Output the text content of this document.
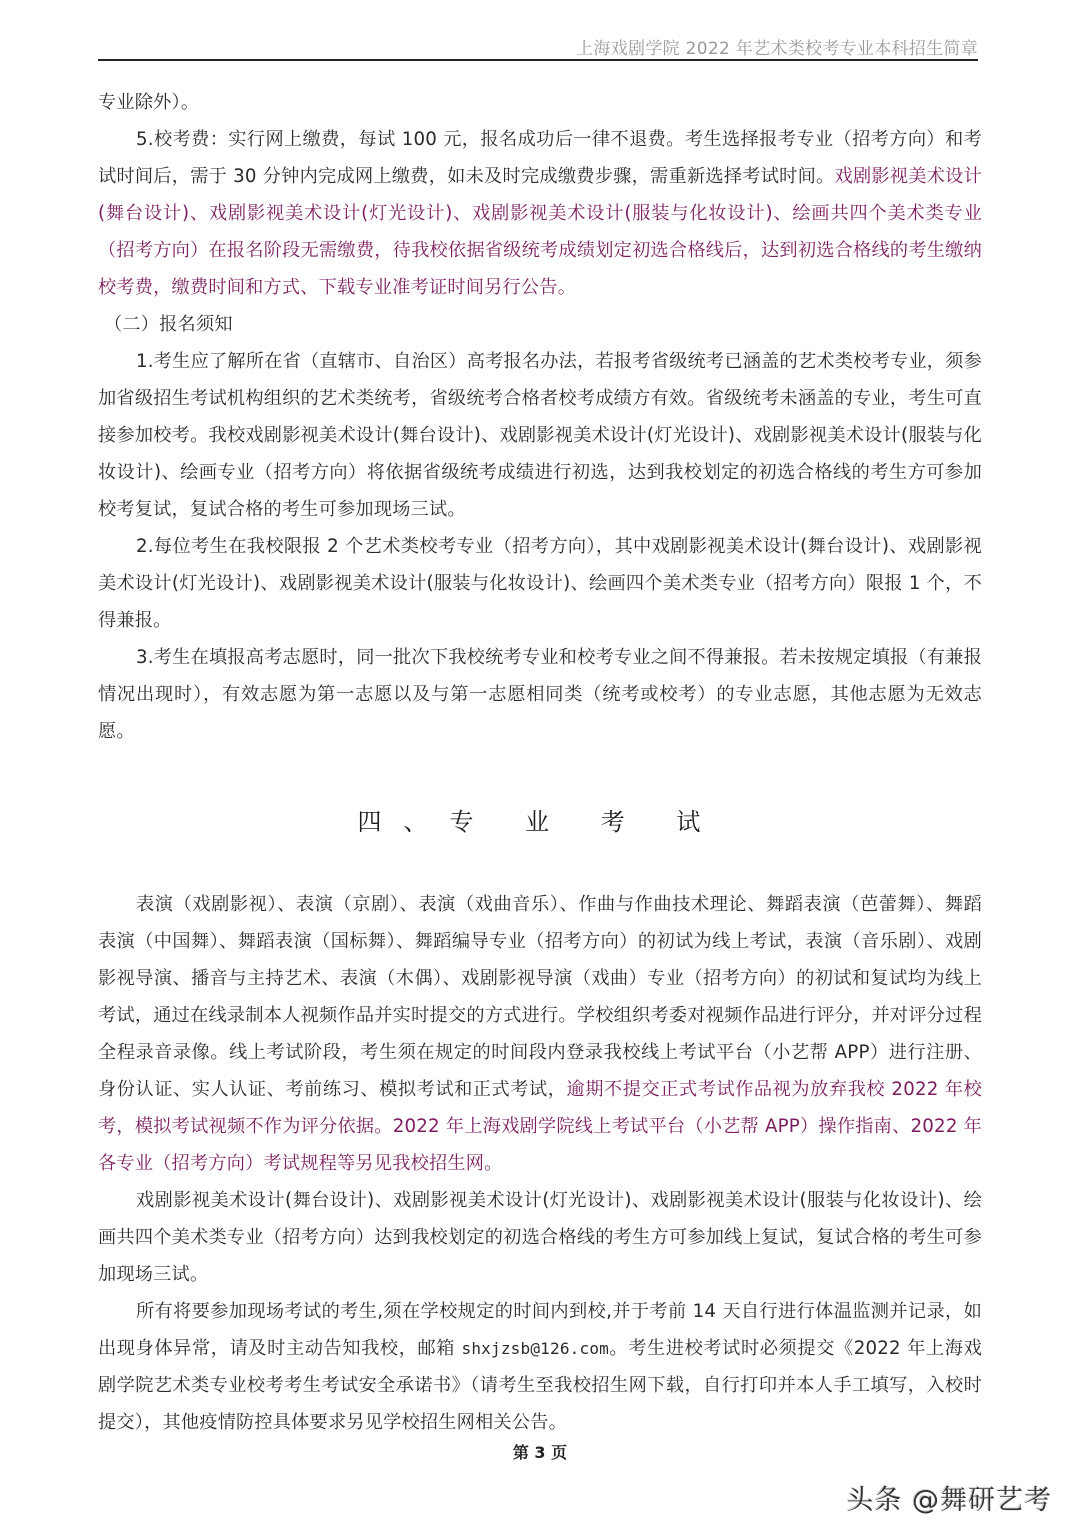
上海戏剧学院 2022 年艺术类校考专业本科招生简章

专业除外）。

5.校考费：实行网上缴费，每试 100 元，报名成功后一律不退费。考生选择报考专业（招考方向）和考试时间后，需于 30 分钟内完成网上缴费，如未及时完成缴费步骤，需重新选择考试时间。戏剧影视美术设计(舞台设计)、戏剧影视美术设计(灯光设计)、戏剧影视美术设计(服装与化妆设计)、绘画共四个美术类专业（招考方向）在报名阶段无需缴费，待我校依据省级统考成绩划定初选合格线后，达到初选合格线的考生缴纳校考费，缴费时间和方式、下载专业准考证时间另行公告。

（二）报名须知

1.考生应了解所在省（直辖市、自治区）高考报名办法，若报考省级统考已涵盖的艺术类校考专业，须参加省级招生考试机构组织的艺术类统考，省级统考合格者校考成绩方有效。省级统考未涵盖的专业，考生可直接参加校考。我校戏剧影视美术设计(舞台设计)、戏剧影视美术设计(灯光设计)、戏剧影视美术设计(服装与化妆设计)、绘画专业（招考方向）将依据省级统考成绩进行初选，达到我校划定的初选合格线的考生方可参加校考复试，复试合格的考生可参加现场三试。

2.每位考生在我校限报 2 个艺术类校考专业（招考方向），其中戏剧影视美术设计(舞台设计)、戏剧影视美术设计(灯光设计)、戏剧影视美术设计(服装与化妆设计)、绘画四个美术类专业（招考方向）限报 1 个，不得兼报。

3.考生在填报高考志愿时，同一批次下我校统考专业和校考专业之间不得兼报。若未按规定填报（有兼报情况出现时），有效志愿为第一志愿以及与第一志愿相同类（统考或校考）的专业志愿，其他志愿为无效志愿。

四、专 业 考 试

表演（戏剧影视）、表演（京剧）、表演（戏曲音乐）、作曲与作曲技术理论、舞蹈表演（芭蕾舞）、舞蹈表演（中国舞）、舞蹈表演（国标舞）、舞蹈编导专业（招考方向）的初试为线上考试，表演（音乐剧）、戏剧影视导演、播音与主持艺术、表演（木偶）、戏剧影视导演（戏曲）专业（招考方向）的初试和复试均为线上考试，通过在线录制本人视频作品并实时提交的方式进行。学校组织考委对视频作品进行评分，并对评分过程全程录音录像。线上考试阶段，考生须在规定的时间段内登录我校线上考试平台（小艺帮 APP）进行注册、身份认证、实人认证、考前练习、模拟考试和正式考试，逾期不提交正式考试作品视为放弃我校 2022 年校考，模拟考试视频不作为评分依据。2022 年上海戏剧学院线上考试平台（小艺帮 APP）操作指南、2022 年各专业（招考方向）考试规程等另见我校招生网。

戏剧影视美术设计(舞台设计)、戏剧影视美术设计(灯光设计)、戏剧影视美术设计(服装与化妆设计)、绘画共四个美术类专业（招考方向）达到我校划定的初选合格线的考生方可参加线上复试，复试合格的考生可参加现场三试。

所有将要参加现场考试的考生,须在学校规定的时间内到校,并于考前 14 天自行进行体温监测并记录，如出现身体异常，请及时主动告知我校，邮箱 shxjzsb@126.com。考生进校考试时必须提交《2022 年上海戏剧学院艺术类专业校考考生考试安全承诺书》（请考生至我校招生网下载，自行打印并本人手工填写，入校时提交），其他疫情防控具体要求另见学校招生网相关公告。

第 3 页
头条 @舞研艺考
